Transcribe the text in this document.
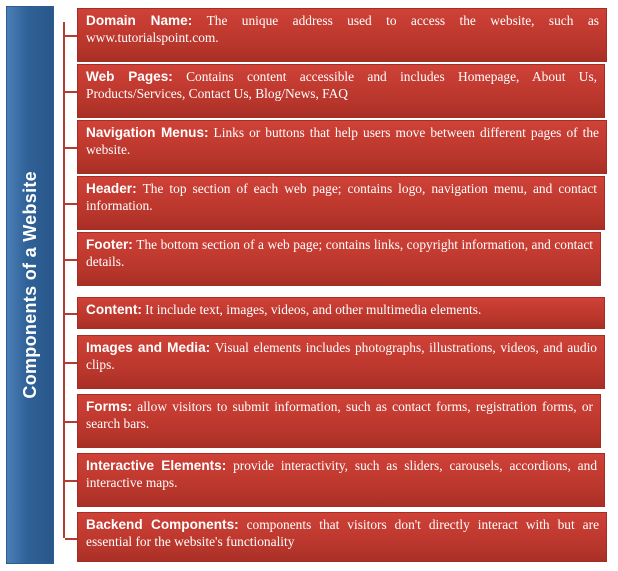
Components of a Website
Domain Name: The unique address used to access the website, such as www.tutorialspoint.com.
Web Pages: Contains content accessible and includes Homepage, About Us, Products/Services, Contact Us, Blog/News, FAQ
Navigation Menus: Links or buttons that help users move between different pages of the website.
Header: The top section of each web page; contains logo, navigation menu, and contact information.
Footer: The bottom section of a web page; contains links, copyright information, and contact details.
Content: It include text, images, videos, and other multimedia elements.
Images and Media: Visual elements includes photographs, illustrations, videos, and audio clips.
Forms: allow visitors to submit information, such as contact forms, registration forms, or search bars.
Interactive Elements: provide interactivity, such as sliders, carousels, accordions, and interactive maps.
Backend Components: components that visitors don't directly interact with but are essential for the website's functionality
